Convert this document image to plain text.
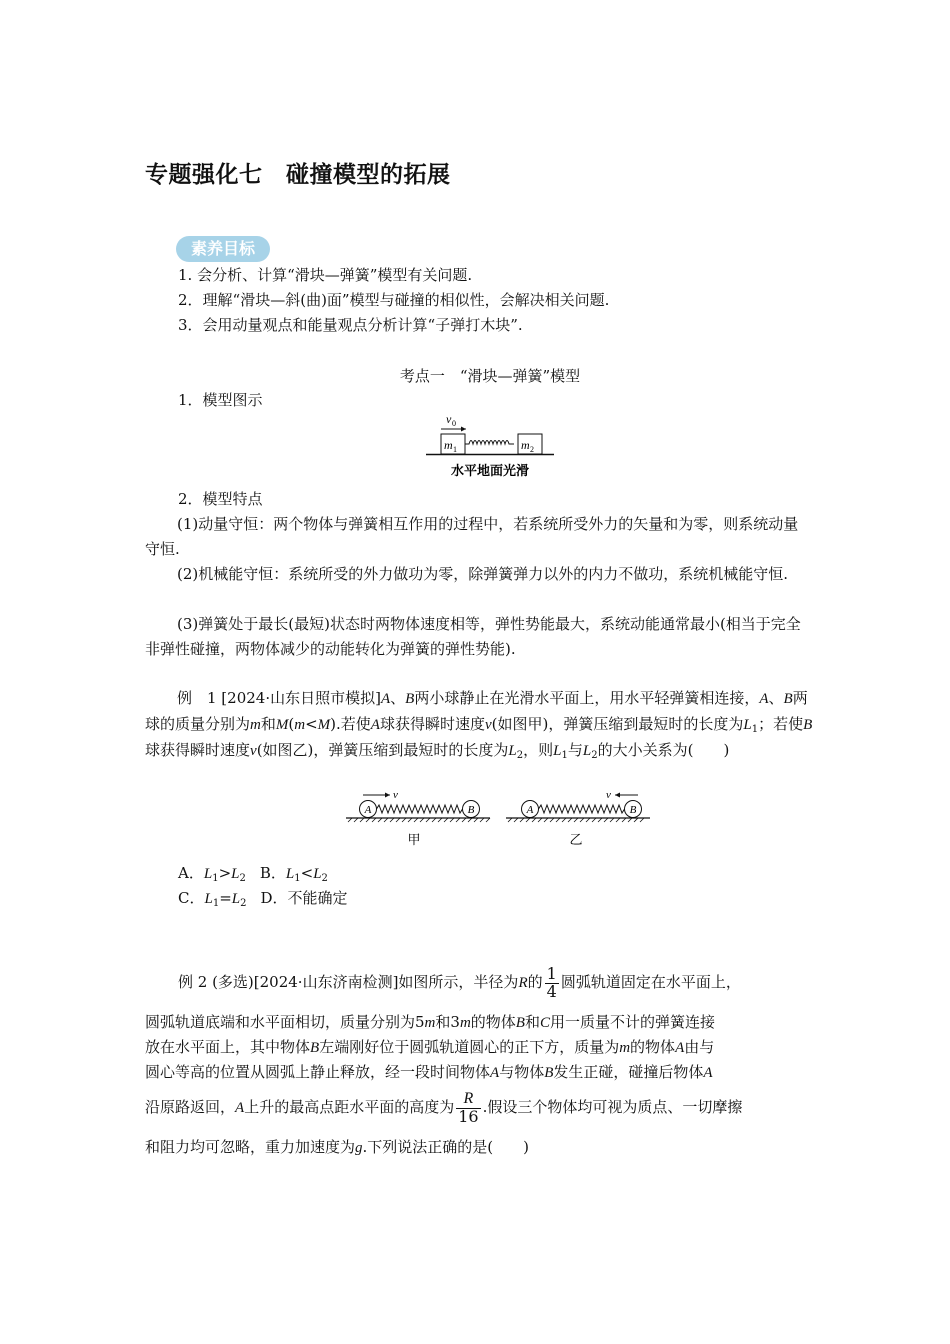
专题强化七　碰撞模型的拓展
素养目标
1. 会分析、计算“滑块—弹簧”模型有关问题.
2．理解“滑块—斜(曲)面”模型与碰撞的相似性，会解决相关问题.
3．会用动量观点和能量观点分析计算“子弹打木块”.
考点一　“滑块—弹簧”模型
1．模型图示
v 0
m 1	m 2
水平地面光滑
2．模型特点
(1)动量守恒：两个物体与弹簧相互作用的过程中，若系统所受外力的矢量和为零，则系统动量守恒.
(2)机械能守恒：系统所受的外力做功为零，除弹簧弹力以外的内力不做功，系统机械能守恒.
(3)弹簧处于最长(最短)状态时两物体速度相等，弹性势能最大，系统动能通常最小(相当于完全非弹性碰撞，两物体减少的动能转化为弹簧的弹性势能).
例　1 [2024·山东日照市模拟]A、B两小球静止在光滑水平面上，用水平轻弹簧相连接，A、B两球的质量分别为m和M(m<M).若使A球获得瞬时速度v(如图甲)，弹簧压缩到最短时的长度为$L_1$；若使B球获得瞬时速度v(如图乙)，弹簧压缩到最短时的长度为$L_2$，则$L_1$与$L_2$的大小关系为(　　)
v
A	B
甲
v
A	B
乙
A．$L_1>L_2$ B．$L_1<L_2$
C．$L_1=L_2$ D．不能确定
例 2 (多选)[2024·山东济南检测]如图所示，半径为R的 $\frac{1}{4}$ 圆弧轨道固定在水平面上，
圆弧轨道底端和水平面相切，质量分别为5m和3m的物体B和C用一质量不计的弹簧连接
放在水平面上，其中物体B左端刚好位于圆弧轨道圆心的正下方，质量为m的物体A由与
圆心等高的位置从圆弧上静止释放，经一段时间物体A与物体B发生正碰，碰撞后物体A
沿原路返回，A上升的最高点距水平面的高度为 $\frac{R}{16}$ .假设三个物体均可视为质点、一切摩擦
和阻力均可忽略，重力加速度为g.下列说法正确的是(　　)
